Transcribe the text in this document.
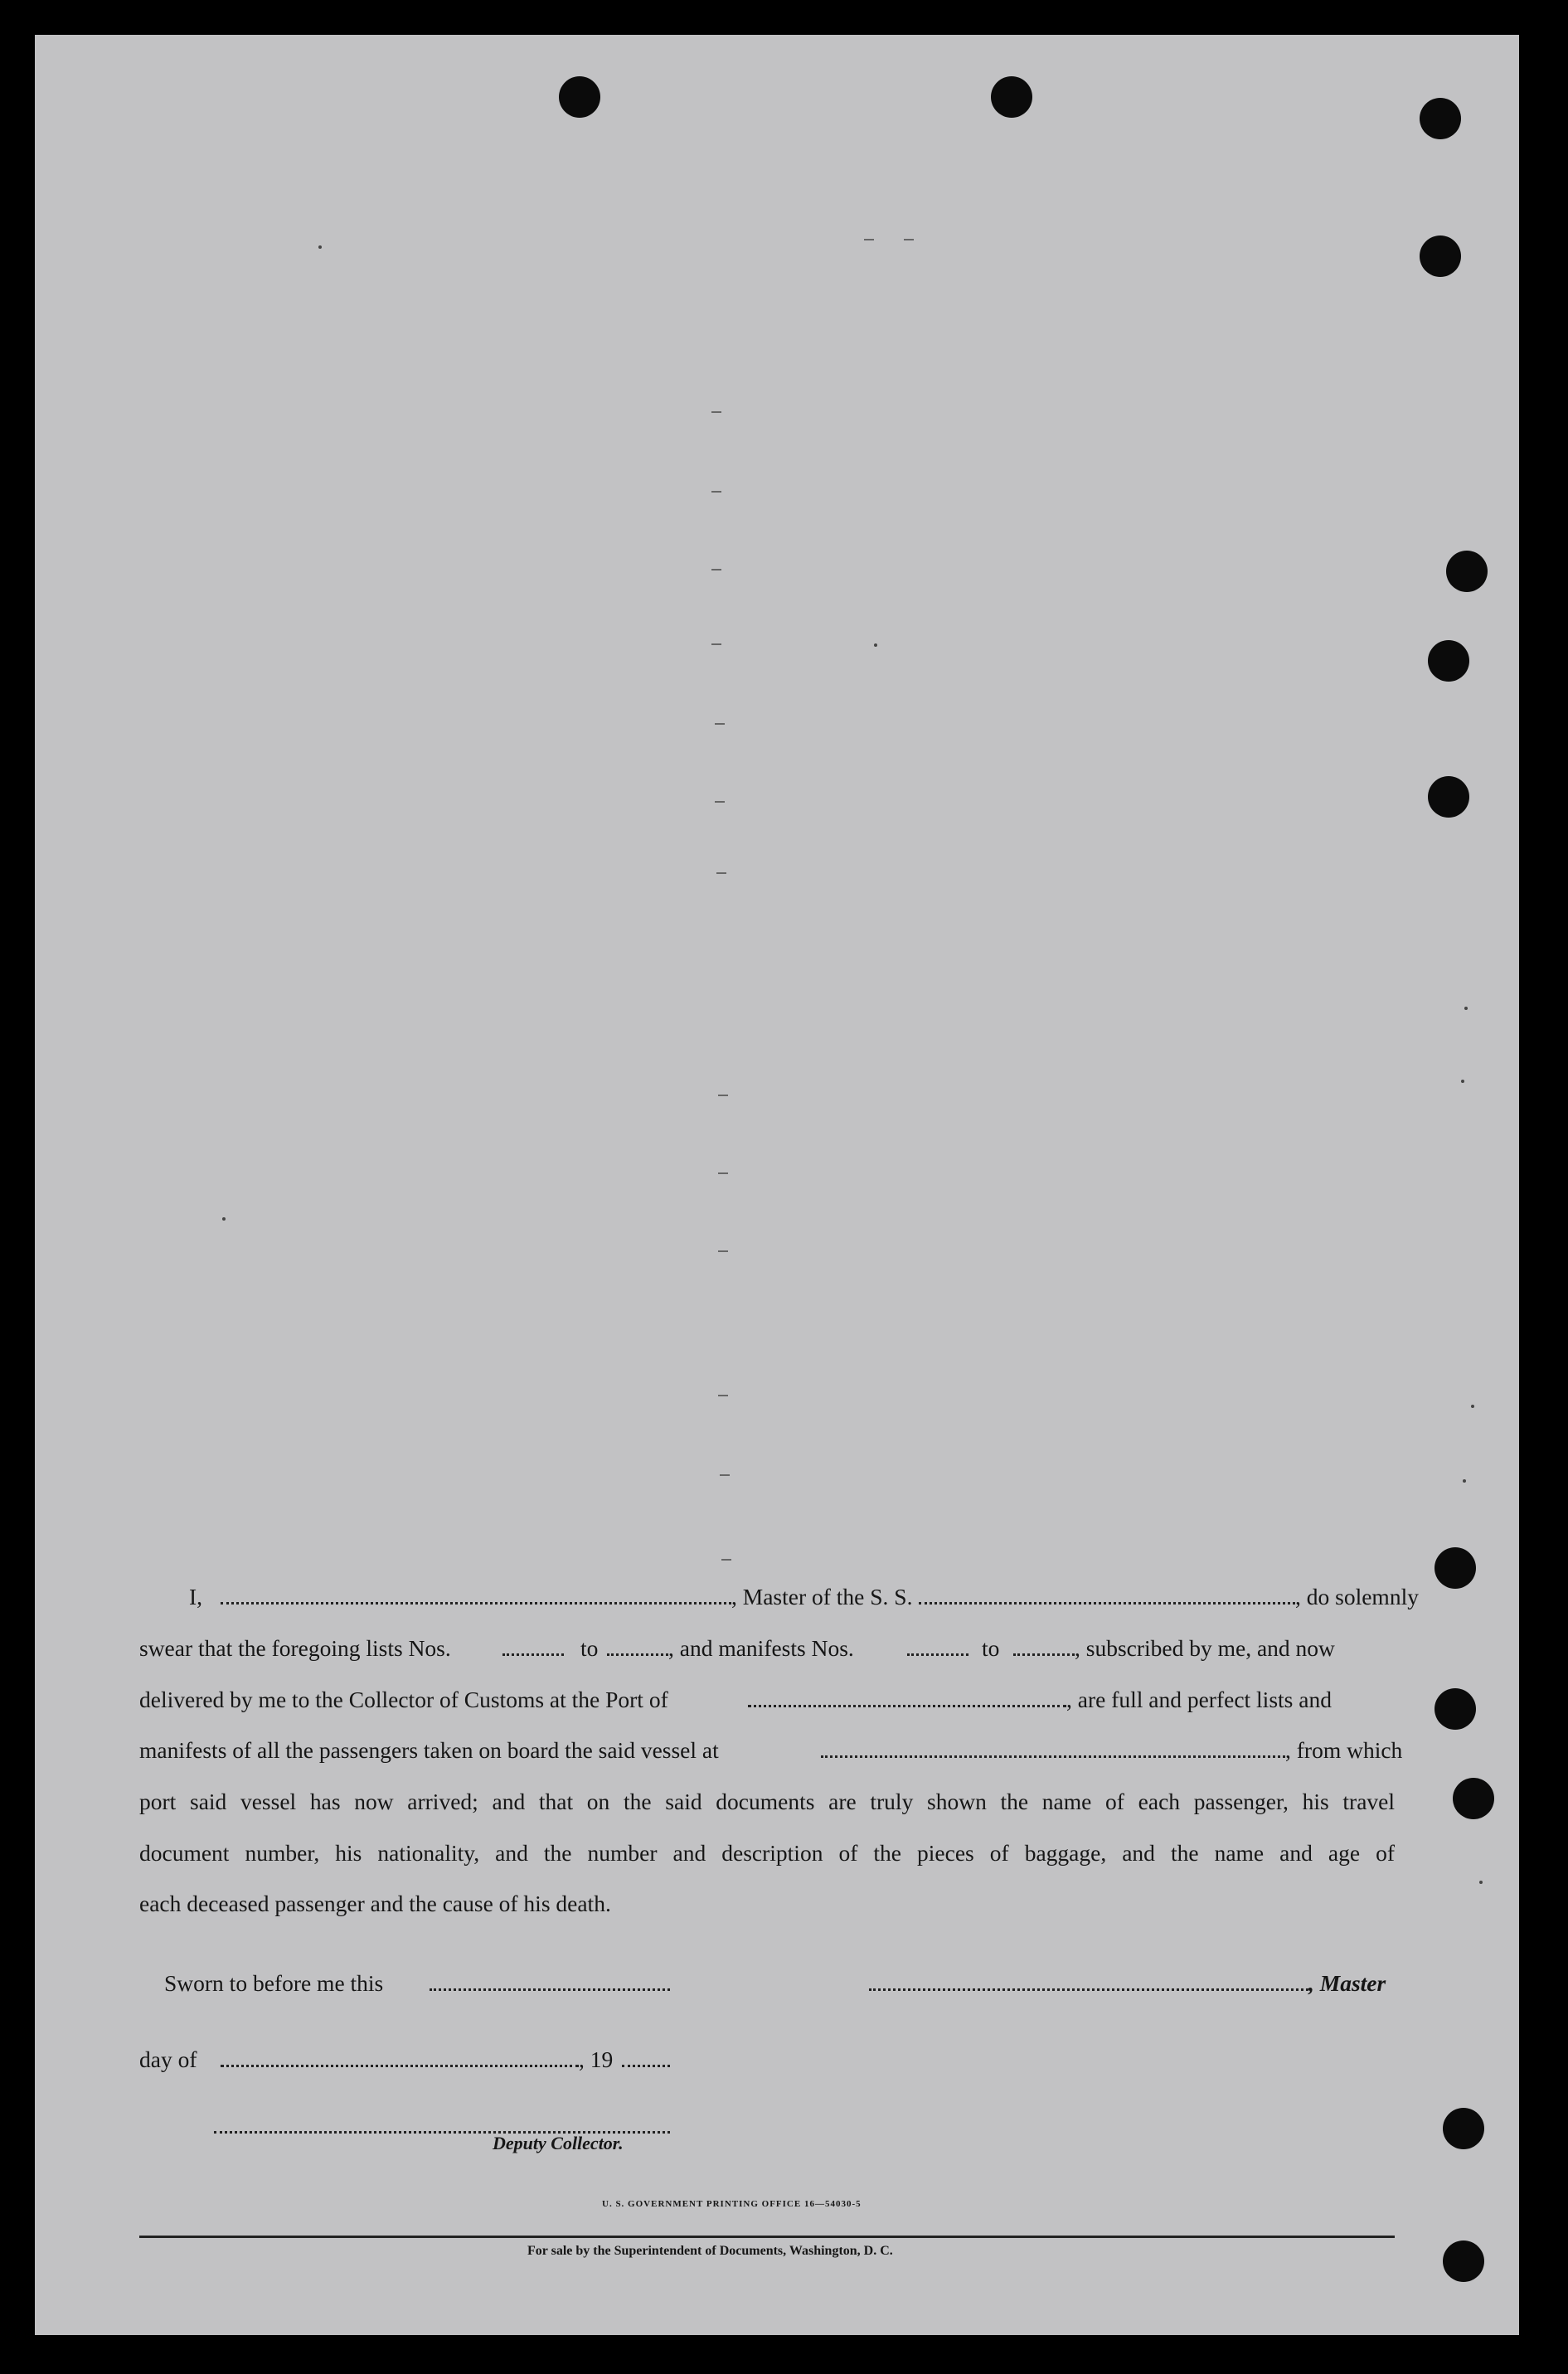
I,	, Master of the S. S.	, do solemnly
swear that the foregoing lists Nos.	to	, and manifests Nos.	to	, subscribed by me, and now
delivered by me to the Collector of Customs at the Port of	, are full and perfect lists and
manifests of all the passengers taken on board the said vessel at	, from which
port said vessel has now arrived; and that on the said documents are truly shown the name of each passenger, his travel
document number, his nationality, and the number and description of the pieces of baggage, and the name and age of
each deceased passenger and the cause of his death.
Sworn to before me this	, Master
day of	, 19
Deputy Collector.
U. S. GOVERNMENT PRINTING OFFICE 16—54030-5
For sale by the Superintendent of Documents, Washington, D. C.
